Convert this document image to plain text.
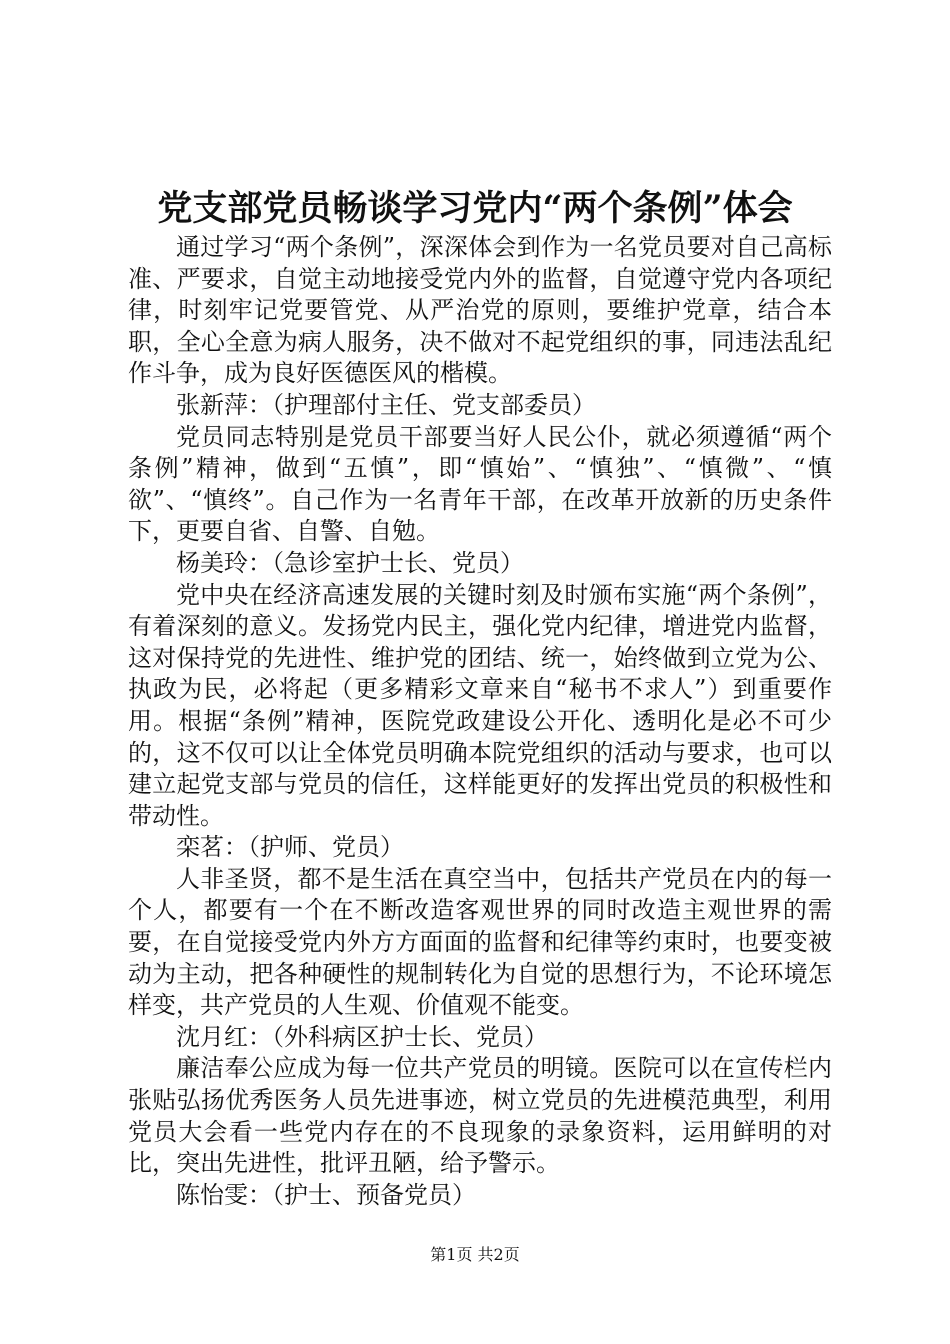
党支部党员畅谈学习党内“两个条例”体会

通过学习“两个条例”，深深体会到作为一名党员要对自己高标准、严要求，自觉主动地接受党内外的监督，自觉遵守党内各项纪律，时刻牢记党要管党、从严治党的原则，要维护党章，结合本职，全心全意为病人服务，决不做对不起党组织的事，同违法乱纪作斗争，成为良好医德医风的楷模。

张新萍：（护理部付主任、党支部委员）

党员同志特别是党员干部要当好人民公仆，就必须遵循“两个条例”精神，做到“五慎”，即“慎始”、“慎独”、“慎微”、“慎欲”、“慎终”。自己作为一名青年干部，在改革开放新的历史条件下，更要自省、自警、自勉。

杨美玲：（急诊室护士长、党员）

党中央在经济高速发展的关键时刻及时颁布实施“两个条例”，有着深刻的意义。发扬党内民主，强化党内纪律，增进党内监督，这对保持党的先进性、维护党的团结、统一，始终做到立党为公、执政为民，必将起（更多精彩文章来自“秘书不求人”）到重要作用。根据“条例”精神，医院党政建设公开化、透明化是必不可少的，这不仅可以让全体党员明确本院党组织的活动与要求，也可以建立起党支部与党员的信任，这样能更好的发挥出党员的积极性和带动性。

栾茗：（护师、党员）

人非圣贤，都不是生活在真空当中，包括共产党员在内的每一个人，都要有一个在不断改造客观世界的同时改造主观世界的需要，在自觉接受党内外方方面面的监督和纪律等约束时，也要变被动为主动，把各种硬性的规制转化为自觉的思想行为，不论环境怎样变，共产党员的人生观、价值观不能变。

沈月红：（外科病区护士长、党员）

廉洁奉公应成为每一位共产党员的明镜。医院可以在宣传栏内张贴弘扬优秀医务人员先进事迹，树立党员的先进模范典型，利用党员大会看一些党内存在的不良现象的录象资料，运用鲜明的对比，突出先进性，批评丑陋，给予警示。

陈怡雯：（护士、预备党员）

第1页 共2页
